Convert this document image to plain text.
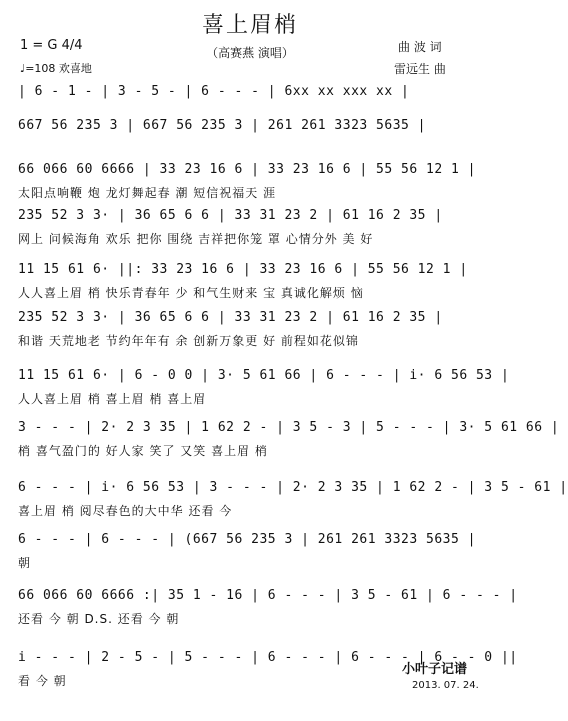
喜上眉梢
（高赛燕 演唱）
1 = G 4/4
♩=108 欢喜地
曲 波 词
雷远生 曲
| 6 - 1 - | 3 - 5 - | 6 - - - | 6xx xx xxx xx |
667 56 235 3 | 667 56 235 3 | 261 261 3323 5635 |
66 066 60 6666 | 33 23 16 6 | 33 23 16 6 | 55 56 12 1 |
太阳点响鞭 炮 龙灯舞起春 潮 短信祝福天 涯
235 52 3 3· | 36 65 6 6 | 33 31 23 2 | 61 16 2 35 |
网上 问候海角 欢乐 把你 围绕 吉祥把你笼 罩 心情分外 美 好
11 15 61 6· ||: 33 23 16 6 | 33 23 16 6 | 55 56 12 1 |
人人喜上眉 梢 快乐青春年 少 和气生财来 宝 真诚化解烦 恼
235 52 3 3· | 36 65 6 6 | 33 31 23 2 | 61 16 2 35 |
和谐 天荒地老 节约年年有 余 创新万象更 好 前程如花似锦
11 15 61 6· | 6 - 0 0 | 3· 5 61 66 | 6 - - - | i· 6 56 53 |
人人喜上眉 梢 喜上眉 梢 喜上眉
3 - - - | 2· 2 3 35 | 1 62 2 - | 3 5 - 3 | 5 - - - | 3· 5 61 66 |
梢 喜气盈门的 好人家 笑了 又笑 喜上眉 梢
6 - - - | i· 6 56 53 | 3 - - - | 2· 2 3 35 | 1 62 2 - | 3 5 - 61 |
喜上眉 梢 阅尽春色的大中华 还看 今
6 - - - | 6 - - - | (667 56 235 3 | 261 261 3323 5635 |
朝
66 066 60 6666 :| 35 1 - 16 | 6 - - - | 3 5 - 61 | 6 - - - |
还看 今 朝 D.S. 还看 今 朝
i - - - | 2 - 5 - | 5 - - - | 6 - - - | 6 - - - | 6 - - 0 ||
看 今 朝
小叶子记谱
2013. 07. 24.
